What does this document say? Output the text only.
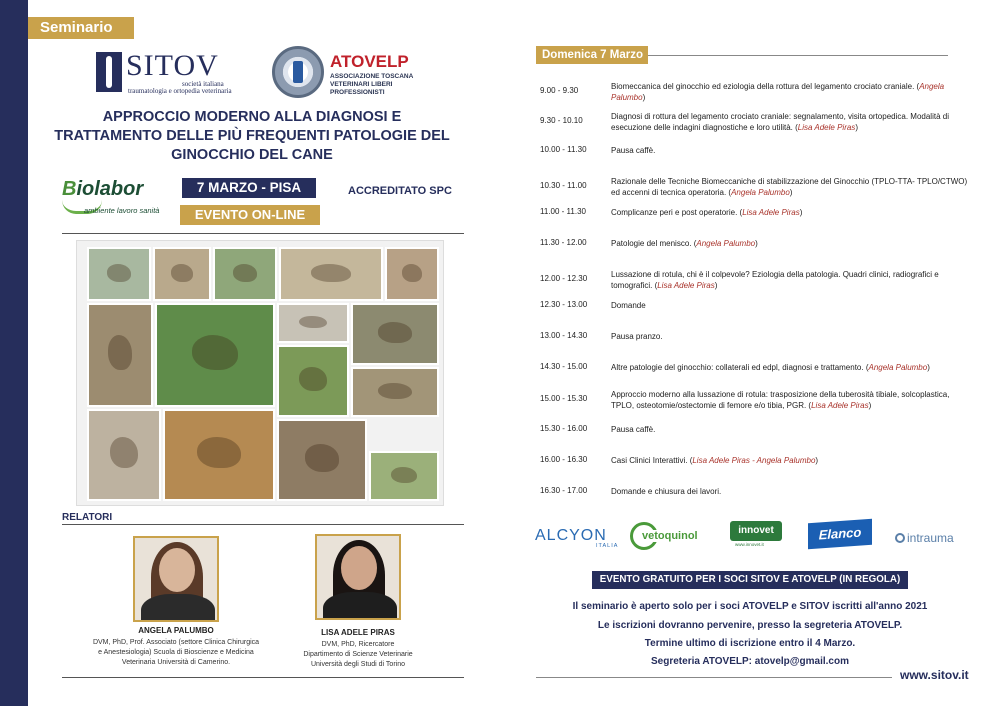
Seminario
SITOV
società italiana
traumatologia e ortopedia veterinaria
ATOVELP
ASSOCIAZIONE TOSCANA
VETERINARI LIBERI PROFESSIONISTI
APPROCCIO MODERNO ALLA DIAGNOSI E
TRATTAMENTO DELLE PIÙ FREQUENTI PATOLOGIE DEL
GINOCCHIO DEL CANE
Biolabor
ambiente lavoro sanità
7 MARZO - PISA
EVENTO ON-LINE
ACCREDITATO SPC
RELATORI
ANGELA PALUMBO
DVM, PhD, Prof. Associato (settore Clinica Chirurgica
e Anestesiologia) Scuola di Bioscienze e Medicina
Veterinaria Università di Camerino.
LISA ADELE PIRAS
DVM, PhD, Ricercatore
Dipartimento di Scienze Veterinarie
Università degli Studi di Torino
Domenica 7 Marzo
9.00 - 9.30	Biomeccanica del ginocchio ed eziologia della rottura del legamento crociato craniale. (Angela Palumbo)
9.30 - 10.10	Diagnosi di rottura del legamento crociato craniale: segnalamento, visita ortopedica. Modalità di esecuzione delle indagini diagnostiche e loro utilità. (Lisa Adele Piras)
10.00 - 11.30	Pausa caffè.
10.30 - 11.00	Razionale delle Tecniche Biomeccaniche di stabilizzazione del Ginocchio (TPLO-TTA- TPLO/CTWO) ed accenni di tecnica operatoria. (Angela Palumbo)
11.00 - 11.30	Complicanze peri e post operatorie. (Lisa Adele Piras)
11.30 - 12.00	Patologie del menisco. (Angela Palumbo)
12.00 - 12.30	Lussazione di rotula, chi è il colpevole? Eziologia della patologia. Quadri clinici, radiografici e tomografici. (Lisa Adele Piras)
12.30 - 13.00	Domande
13.00 - 14.30	Pausa pranzo.
14.30 - 15.00	Altre patologie del ginocchio: collaterali ed edpl, diagnosi e trattamento. (Angela Palumbo)
15.00 - 15.30	Approccio moderno alla lussazione di rotula: trasposizione della tuberosità tibiale, solcoplastica, TPLO, osteotomie/ostectomie di femore e/o tibia, PGR. (Lisa Adele Piras)
15.30 - 16.00	Pausa caffè.
16.00 - 16.30	Casi Clinici Interattivi. (Lisa Adele Piras - Angela Palumbo)
16.30 - 17.00	Domande e chiusura dei lavori.
ALCYON
ITALIA
vetoquinol	innovet
www.innovet.it
Elanco	intrauma
EVENTO GRATUITO PER I SOCI SITOV E ATOVELP (IN REGOLA)
Il seminario è aperto solo per i soci ATOVELP e SITOV iscritti all'anno 2021
Le iscrizioni dovranno pervenire, presso la segreteria ATOVELP.
Termine ultimo di iscrizione entro il 4 Marzo.
Segreteria ATOVELP: atovelp@gmail.com
www.sitov.it
